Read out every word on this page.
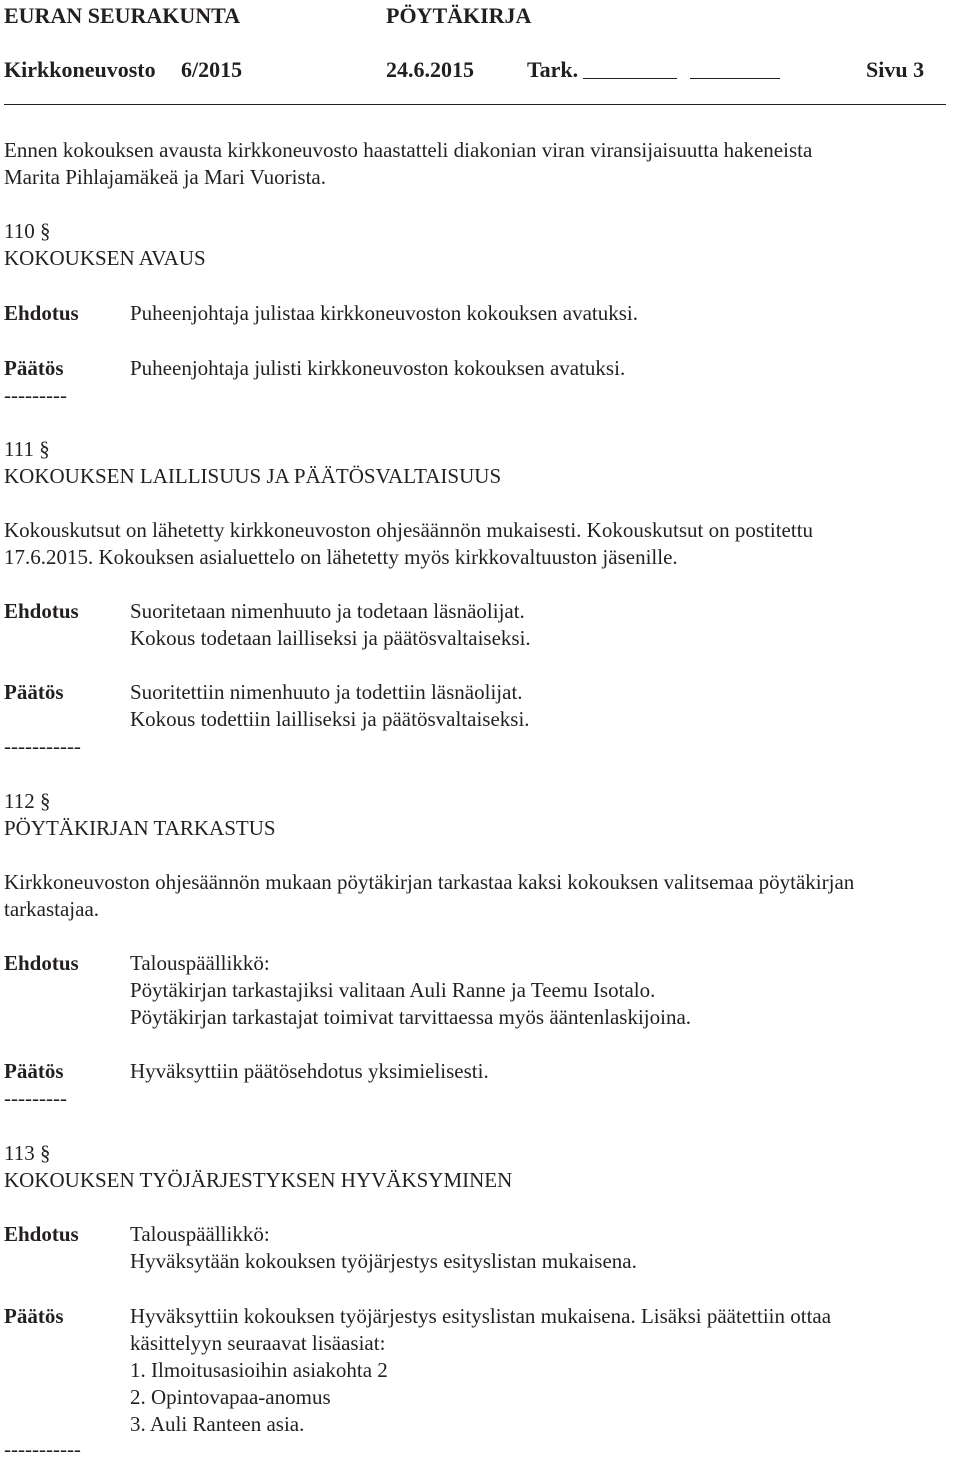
EURAN SEURAKUNTA	PÖYTÄKIRJA
Kirkkoneuvosto 6/2015	24.6.2015 Tark.	Sivu 3
Ennen kokouksen avausta kirkkoneuvosto haastatteli diakonian viran viransijaisuutta hakeneista
Marita Pihlajamäkeä ja Mari Vuorista.
110 §
KOKOUKSEN AVAUS
Ehdotus Puheenjohtaja julistaa kirkkoneuvoston kokouksen avatuksi.
Päätös	Puheenjohtaja julisti kirkkoneuvoston kokouksen avatuksi.
---------
111 §
KOKOUKSEN LAILLISUUS JA PÄÄTÖSVALTAISUUS
Kokouskutsut on lähetetty kirkkoneuvoston ohjesäännön mukaisesti. Kokouskutsut on postitettu
17.6.2015. Kokouksen asialuettelo on lähetetty myös kirkkovaltuuston jäsenille.
Ehdotus Suoritetaan nimenhuuto ja todetaan läsnäolijat.
Kokous todetaan lailliseksi ja päätösvaltaiseksi.
Päätös	Suoritettiin nimenhuuto ja todettiin läsnäolijat.
Kokous todettiin lailliseksi ja päätösvaltaiseksi.
-----------
112 §
PÖYTÄKIRJAN TARKASTUS
Kirkkoneuvoston ohjesäännön mukaan pöytäkirjan tarkastaa kaksi kokouksen valitsemaa pöytäkirjan
tarkastajaa.
Ehdotus Talouspäällikkö:
Pöytäkirjan tarkastajiksi valitaan Auli Ranne ja Teemu Isotalo.
Pöytäkirjan tarkastajat toimivat tarvittaessa myös ääntenlaskijoina.
Päätös	Hyväksyttiin päätösehdotus yksimielisesti.
---------
113 §
KOKOUKSEN TYÖJÄRJESTYKSEN HYVÄKSYMINEN
Ehdotus Talouspäällikkö:
Hyväksytään kokouksen työjärjestys esityslistan mukaisena.
Päätös	Hyväksyttiin kokouksen työjärjestys esityslistan mukaisena. Lisäksi päätettiin ottaa
käsittelyyn seuraavat lisäasiat:
1. Ilmoitusasioihin asiakohta 2
2. Opintovapaa-anomus
3. Auli Ranteen asia.
-----------
